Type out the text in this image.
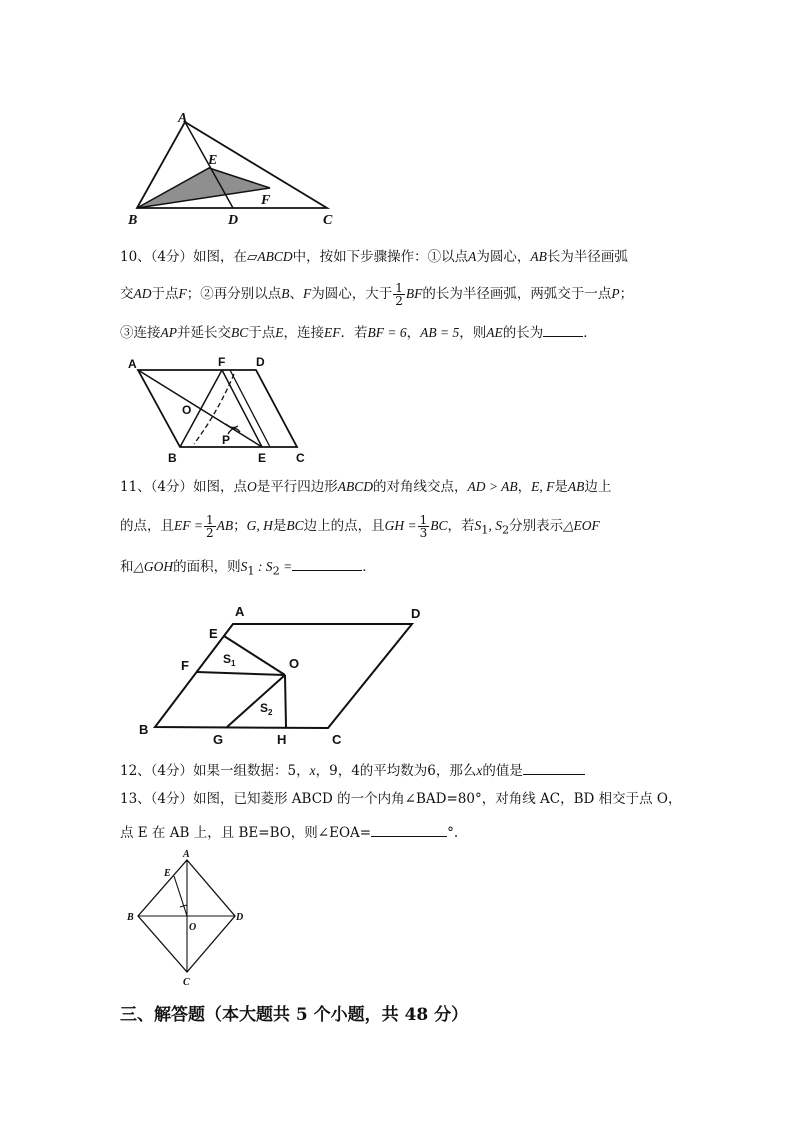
A
E
F
B	D	C
10、（4分）如图，在▱ABCD中，按如下步骤操作：①以点A为圆心，AB长为半径画弧
交AD于点F；②再分别以点B、F为圆心，大于 $\frac{1}{2}$ BF的长为半径画弧，两弧交于一点P；
③连接AP并延长交BC于点E，连接EF．若BF = 6，AB = 5，则AE的长为	．
A	F	D
O
P
B	E C
11、（4分）如图，点O是平行四边形ABCD的对角线交点，AD > AB，E, F是AB边上
的点，且EF = $\frac{1}{2}$ AB；G, H是BC边上的点，且GH = $\frac{1}{3}$ BC，若$S_1$, $S_2$分别表示△EOF
和△GOH的面积，则$S_1$ : $S_2$ =	．
A	D
E
F	O
$S_1$
$S_2$
B
G	H	C
12、（4分）如果一组数据：5，x，9，4的平均数为6，那么x的值是
13、（4分）如图，已知菱形 ABCD 的一个内角∠BAD=80°，对角线 AC，BD 相交于点 O，
点 E 在 AB 上，且 BE=BO，则∠EOA=	°.
A
E
B	D
O
C
三、解答题（本大题共 5 个小题，共 48 分）
